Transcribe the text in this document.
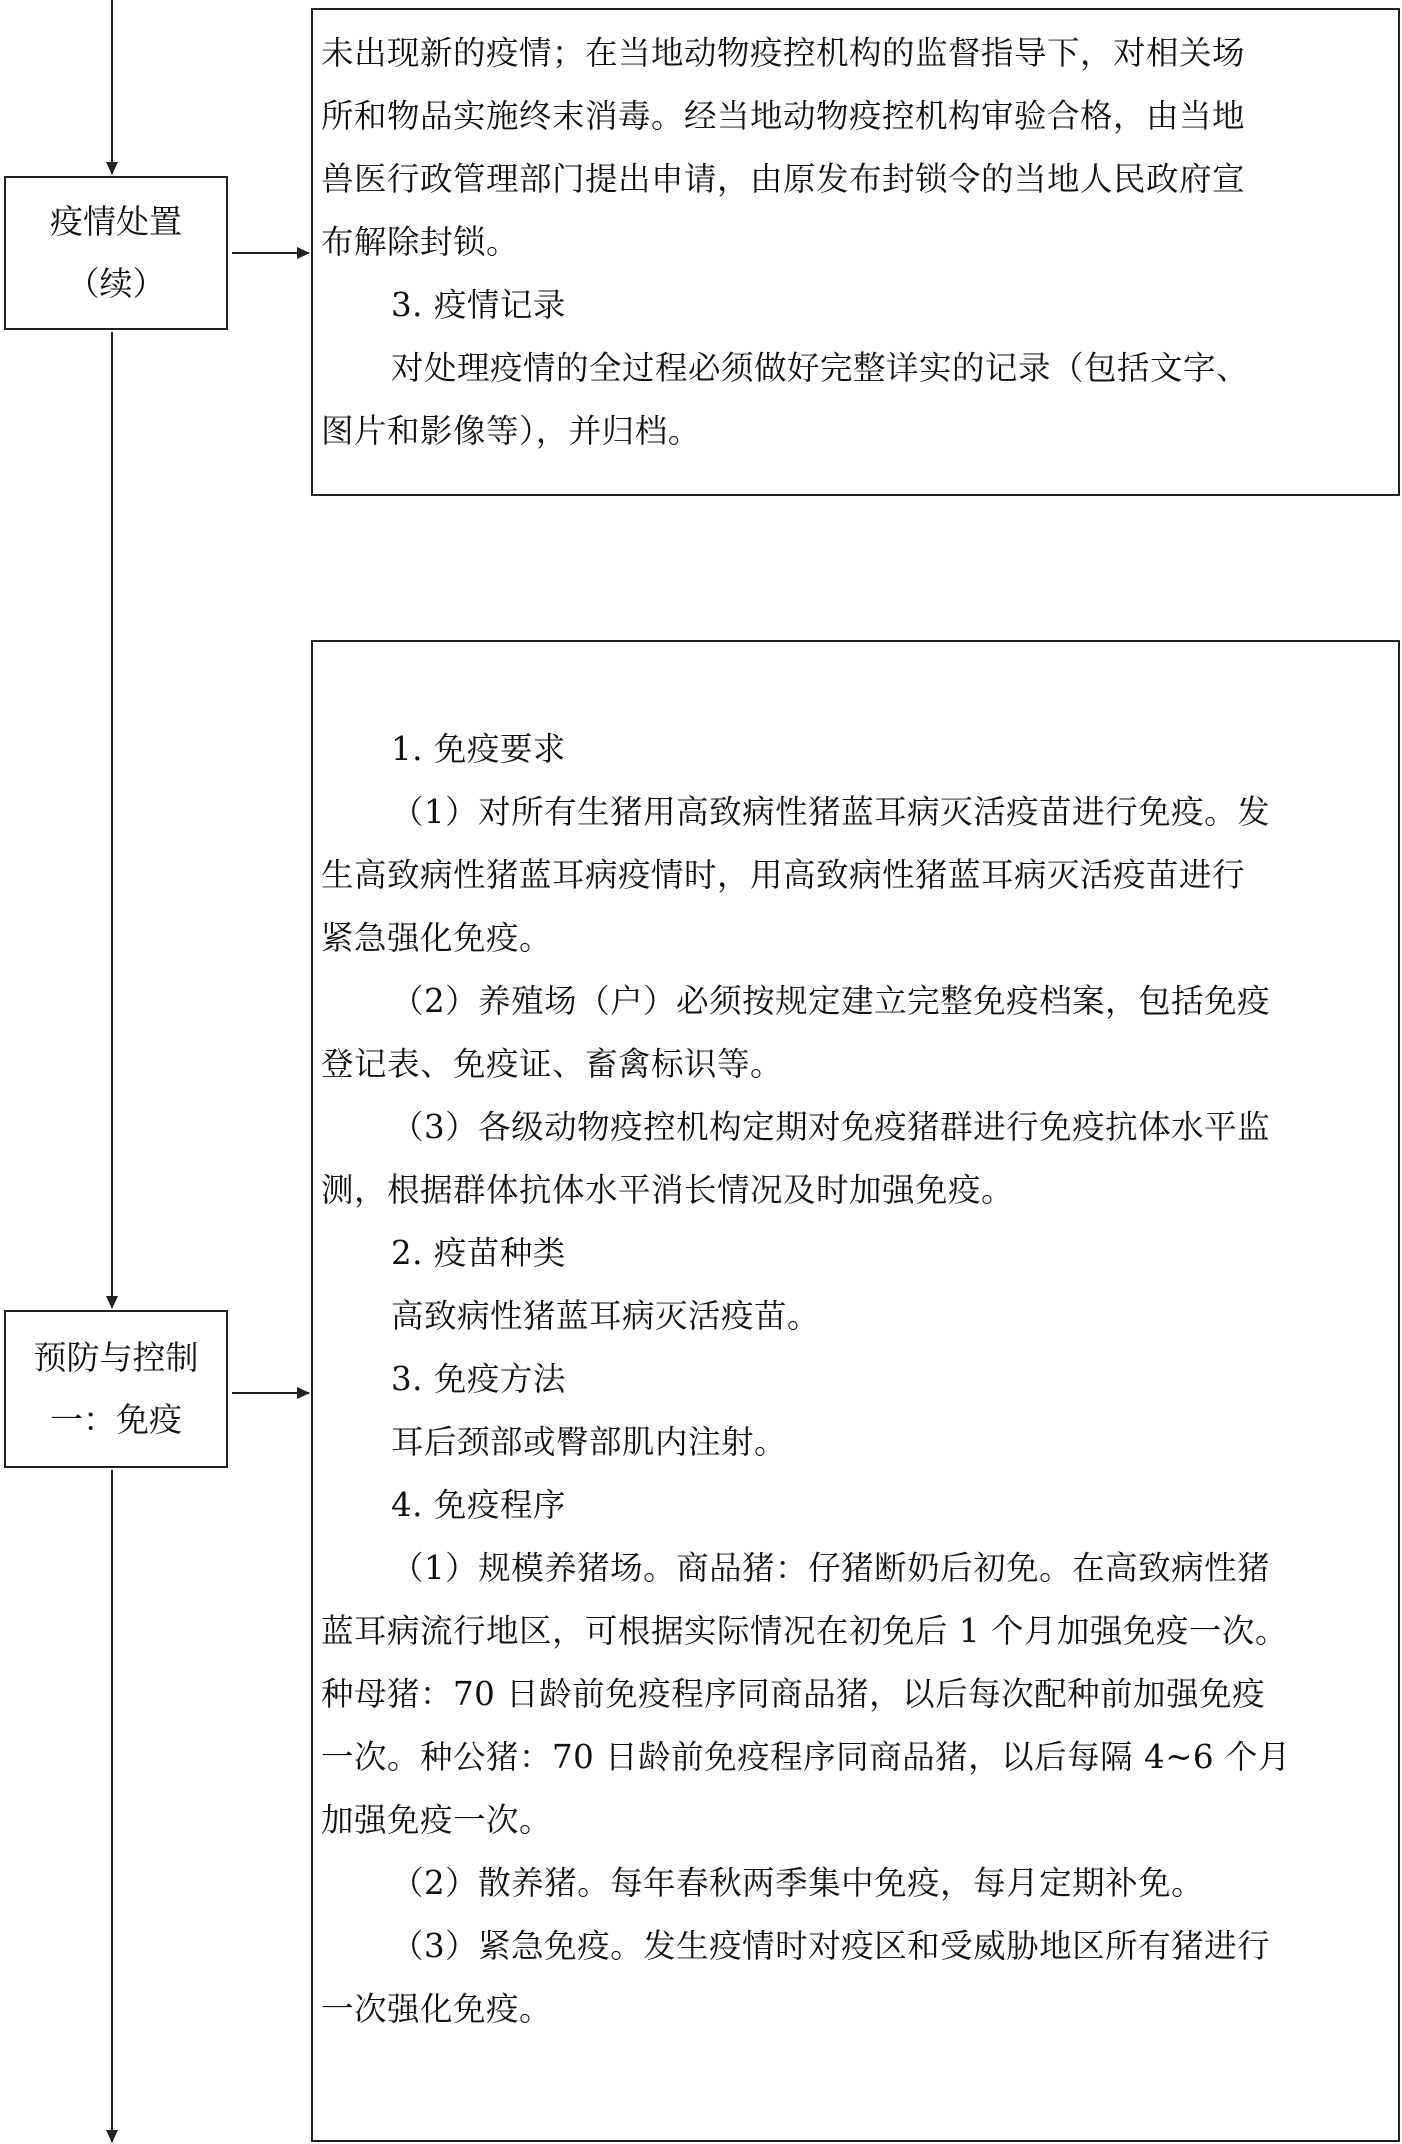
疫情处置
（续）

未出现新的疫情；在当地动物疫控机构的监督指导下，对相关场

所和物品实施终末消毒。经当地动物疫控机构审验合格，由当地

兽医行政管理部门提出申请，由原发布封锁令的当地人民政府宣

布解除封锁。

3. 疫情记录

对处理疫情的全过程必须做好完整详实的记录（包括文字、

图片和影像等），并归档。

预防与控制
一：免疫

1. 免疫要求

（1）对所有生猪用高致病性猪蓝耳病灭活疫苗进行免疫。发

生高致病性猪蓝耳病疫情时，用高致病性猪蓝耳病灭活疫苗进行

紧急强化免疫。

（2）养殖场（户）必须按规定建立完整免疫档案，包括免疫

登记表、免疫证、畜禽标识等。

（3）各级动物疫控机构定期对免疫猪群进行免疫抗体水平监

测，根据群体抗体水平消长情况及时加强免疫。

2. 疫苗种类

高致病性猪蓝耳病灭活疫苗。

3. 免疫方法

耳后颈部或臀部肌内注射。

4. 免疫程序

（1）规模养猪场。商品猪：仔猪断奶后初免。在高致病性猪

蓝耳病流行地区，可根据实际情况在初免后 1 个月加强免疫一次。

种母猪：70 日龄前免疫程序同商品猪，以后每次配种前加强免疫

一次。种公猪：70 日龄前免疫程序同商品猪，以后每隔 4~6 个月

加强免疫一次。

（2）散养猪。每年春秋两季集中免疫，每月定期补免。

（3）紧急免疫。发生疫情时对疫区和受威胁地区所有猪进行

一次强化免疫。
